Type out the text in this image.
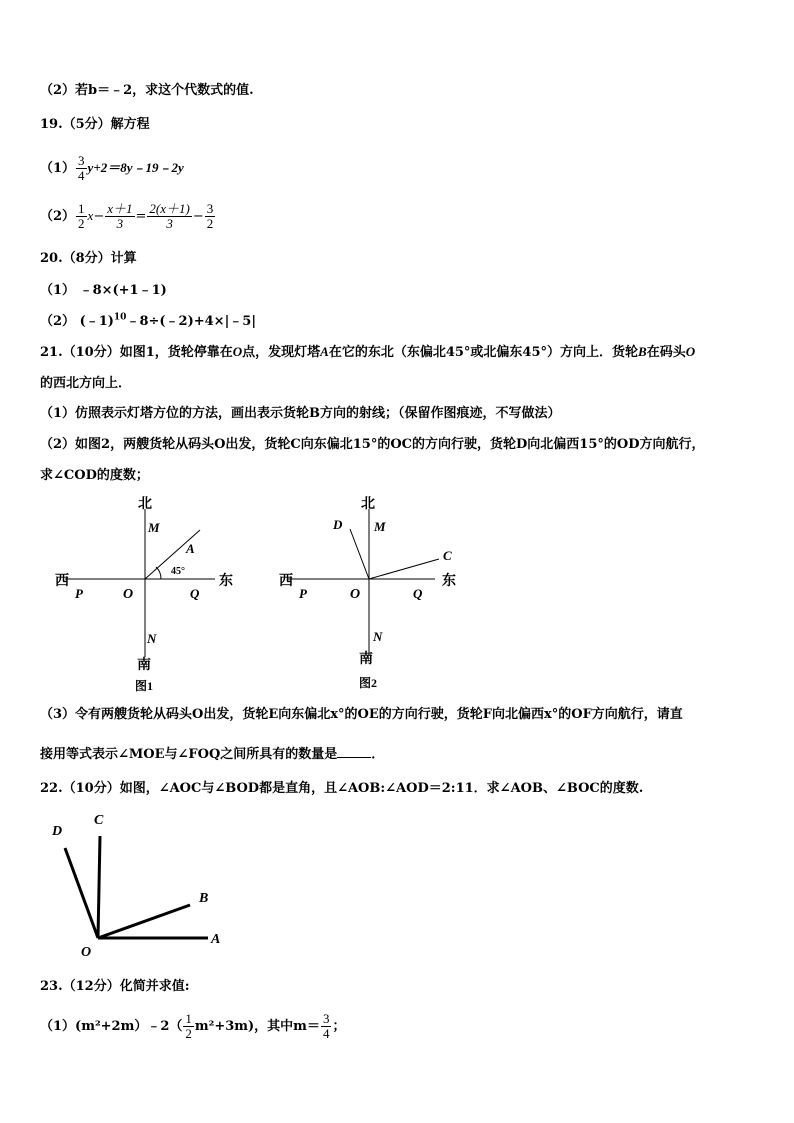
（2）若b＝﹣2，求这个代数式的值.
19.（5分）解方程
$(1) \frac{3}{4}$ y+2＝8y﹣19﹣2y
$(2) \frac{1}{2} x- \frac{x+1}{3} = \frac{2(x+1)}{3} - \frac{3}{2}$
20.（8分）计算
（1） ﹣8×(+1﹣1)
（2） (﹣1)$^{10}$﹣8÷(﹣2)+4×|﹣5|
21.（10分）如图1，货轮停靠在O点，发现灯塔A在它的东北（东偏北45°或北偏东45°）方向上．货轮B在码头O
的西北方向上．
（1）仿照表示灯塔方位的方法，画出表示货轮B方向的射线；（保留作图痕迹，不写做法）
（2）如图2，两艘货轮从码头O出发，货轮C向东偏北15°的OC的方向行驶，货轮D向北偏西15°的OD方向航行，
求∠COD的度数；
北
M
A
45°
西	东
P	O	Q
N
南
图1
北
M
D
C
西	东
P	O	Q
N
南
图2
（3）令有两艘货轮从码头O出发，货轮E向东偏北x°的OE的方向行驶，货轮F向北偏西x°的OF方向航行，请直
接用等式表示∠MOE与∠FOQ之间所具有的数量是	．
22.（10分）如图，∠AOC与∠BOD都是直角，且∠AOB:∠AOD＝2:11．求∠AOB、∠BOC的度数.
D
C
B
A
O
23.（12分）化简并求值:
（1）(m²+2m）﹣2（ $\frac{1}{2} m^2+3m$)，其中$m= \frac{3}{4}$ ；
